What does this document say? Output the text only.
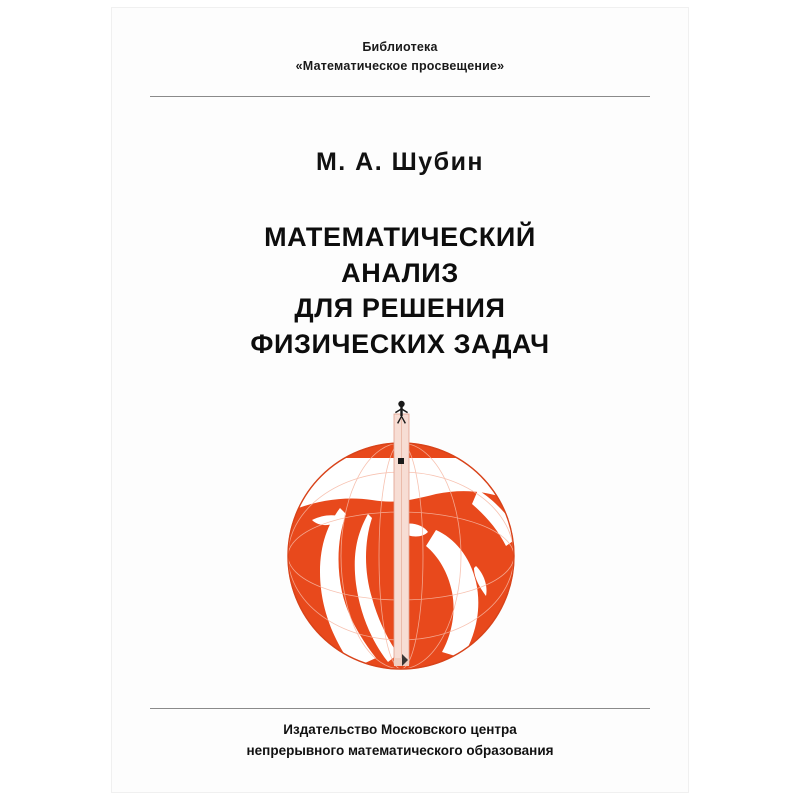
Библиотека
«Математическое просвещение»
М. А. Шубин
МАТЕМАТИЧЕСКИЙ
АНАЛИЗ
ДЛЯ РЕШЕНИЯ
ФИЗИЧЕСКИХ ЗАДАЧ
Издательство Московского центра
непрерывного математического образования
